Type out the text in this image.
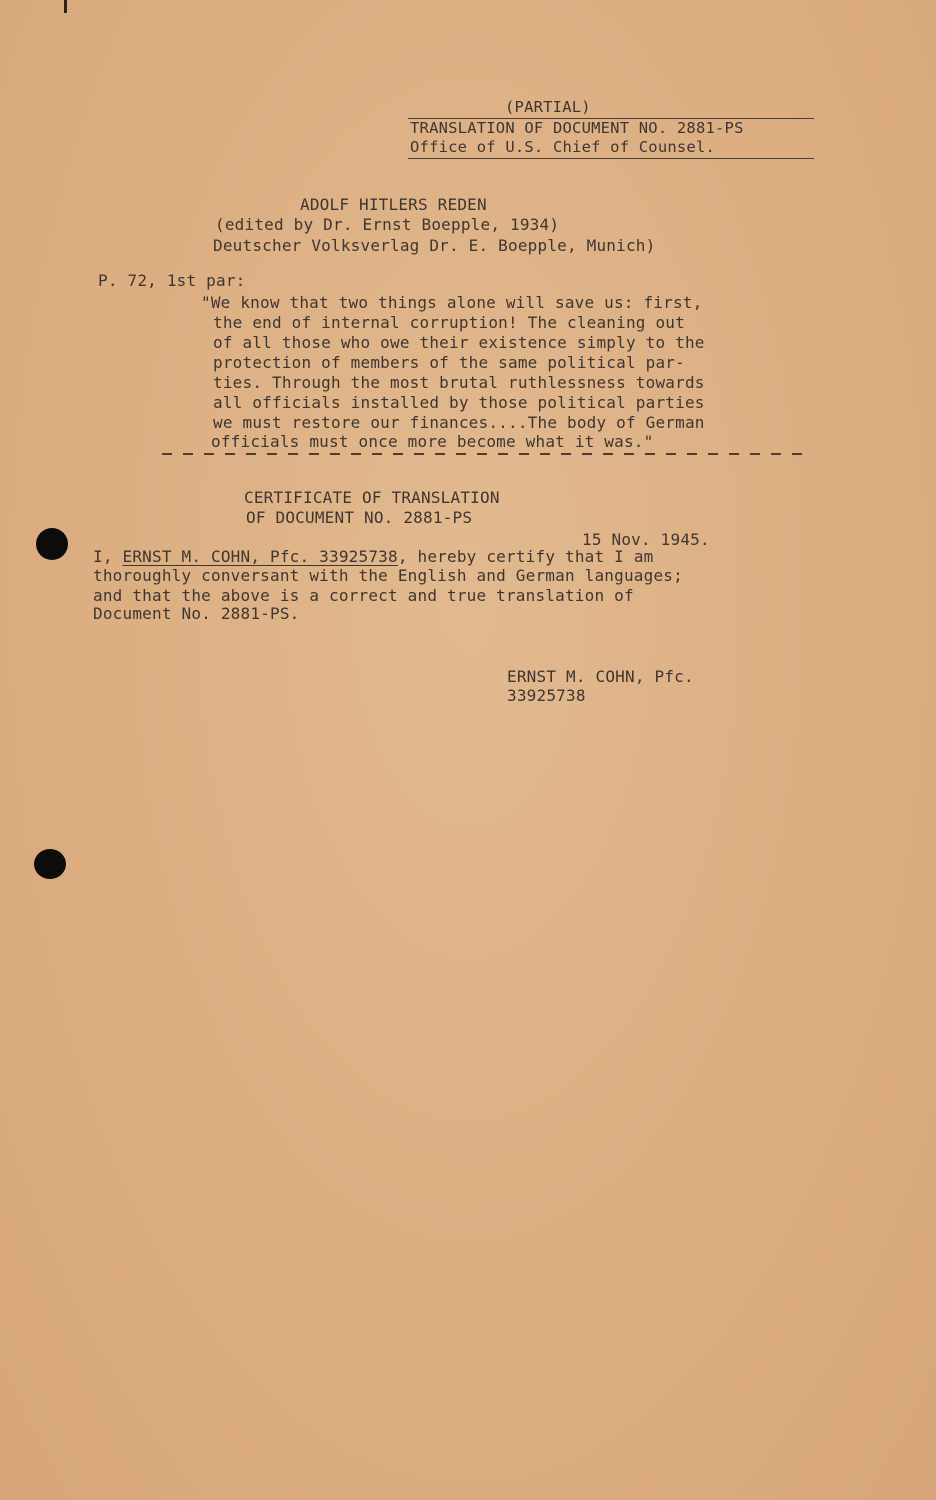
(PARTIAL)
TRANSLATION OF DOCUMENT NO. 2881-PS
Office of U.S. Chief of Counsel.
ADOLF HITLERS REDEN
(edited by Dr. Ernst Boepple, 1934)
Deutscher Volksverlag Dr. E. Boepple, Munich)
P. 72, 1st par:
"We know that two things alone will save us: first,
the end of internal corruption! The cleaning out
of all those who owe their existence simply to the
protection of members of the same political par-
ties. Through the most brutal ruthlessness towards
all officials installed by those political parties
we must restore our finances....The body of German
officials must once more become what it was."
CERTIFICATE OF TRANSLATION
OF DOCUMENT NO. 2881-PS
15 Nov. 1945.
I, ERNST M. COHN, Pfc. 33925738, hereby certify that I am
thoroughly conversant with the English and German languages;
and that the above is a correct and true translation of
Document No. 2881-PS.
ERNST M. COHN, Pfc.
33925738
